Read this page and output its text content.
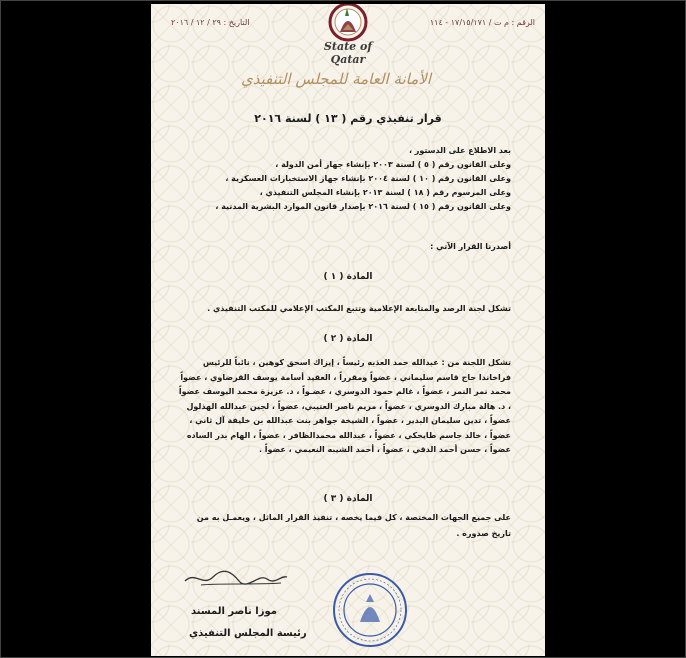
الرقم : م ت / ١٧/١٥/١٧١ - ١١٤
التاريخ : ٢٩ / ١٢ / ٢٠١٦
State of Qatar
الأمانة العامة للمجلس التنفيذي
قرار تنفيذي رقم ( ١٣ ) لسنة ٢٠١٦
بعد الاطلاع على الدستور ،
وعلى القانون رقم ( ٥ ) لسنة ٢٠٠٣ بإنشاء جهاز أمن الدولة ،
وعلى القانون رقم ( ١٠ ) لسنة ٢٠٠٤ بإنشاء جهاز الاستخبارات العسكرية ،
وعلى المرسوم رقم ( ١٨ ) لسنة ٢٠١٣ بإنشاء المجلس التنفيذي ،
وعلى القانون رقم ( ١٥ ) لسنة ٢٠١٦ بإصدار قانون الموارد البشرية المدنية ،
أصدرنا القرار الآتي :
المادة ( ١ )
تشكل لجنة الرصد والمتابعة الإعلامية وتتبع المكتب الإعلامي للمكتب التنفيذي .
المادة ( ٢ )
تشكل اللجنة من : عبدالله حمد العذبه رئيساً ، إيزاك اسحق كوهين ، نائباً للرئيس فراخاندا حاج قاسم سليماني ، عضواً ومقرراً ، العقيد أسامة يوسف القرضاوي ، عضواً محمد نمر النمر ، عضواً ، غالم حمود الدوسري ، عضـواً ، د. عزيزة محمد اليوسف عضواً ، د. هالة مبارك الدوسري ، عضواً ، مريم ناصر العتيبي، عضواً ، لجين عبدالله الهذلول عضواً ، تدين سليمان البدير ، عضواً ، الشيخة جواهر بنت عبدالله بن خليفة آل ثاني ، عضواً ، خالد جاسم طايحكي ، عضواً ، عبدالله محمدالظافر ، عضواً ، الهام بدر الساده عضواً ، حسن أحمد الدقي ، عضواً ، أحمد الشيبه النعيمي ، عضواً .
المادة ( ٣ )
على جميع الجهات المختصة ، كل فيما يخصه ، تنفيذ القرار الماثل ، ويعمـل به من تاريخ صدوره .
موزا ناصر المسند
رئيسة المجلس التنفيذي
